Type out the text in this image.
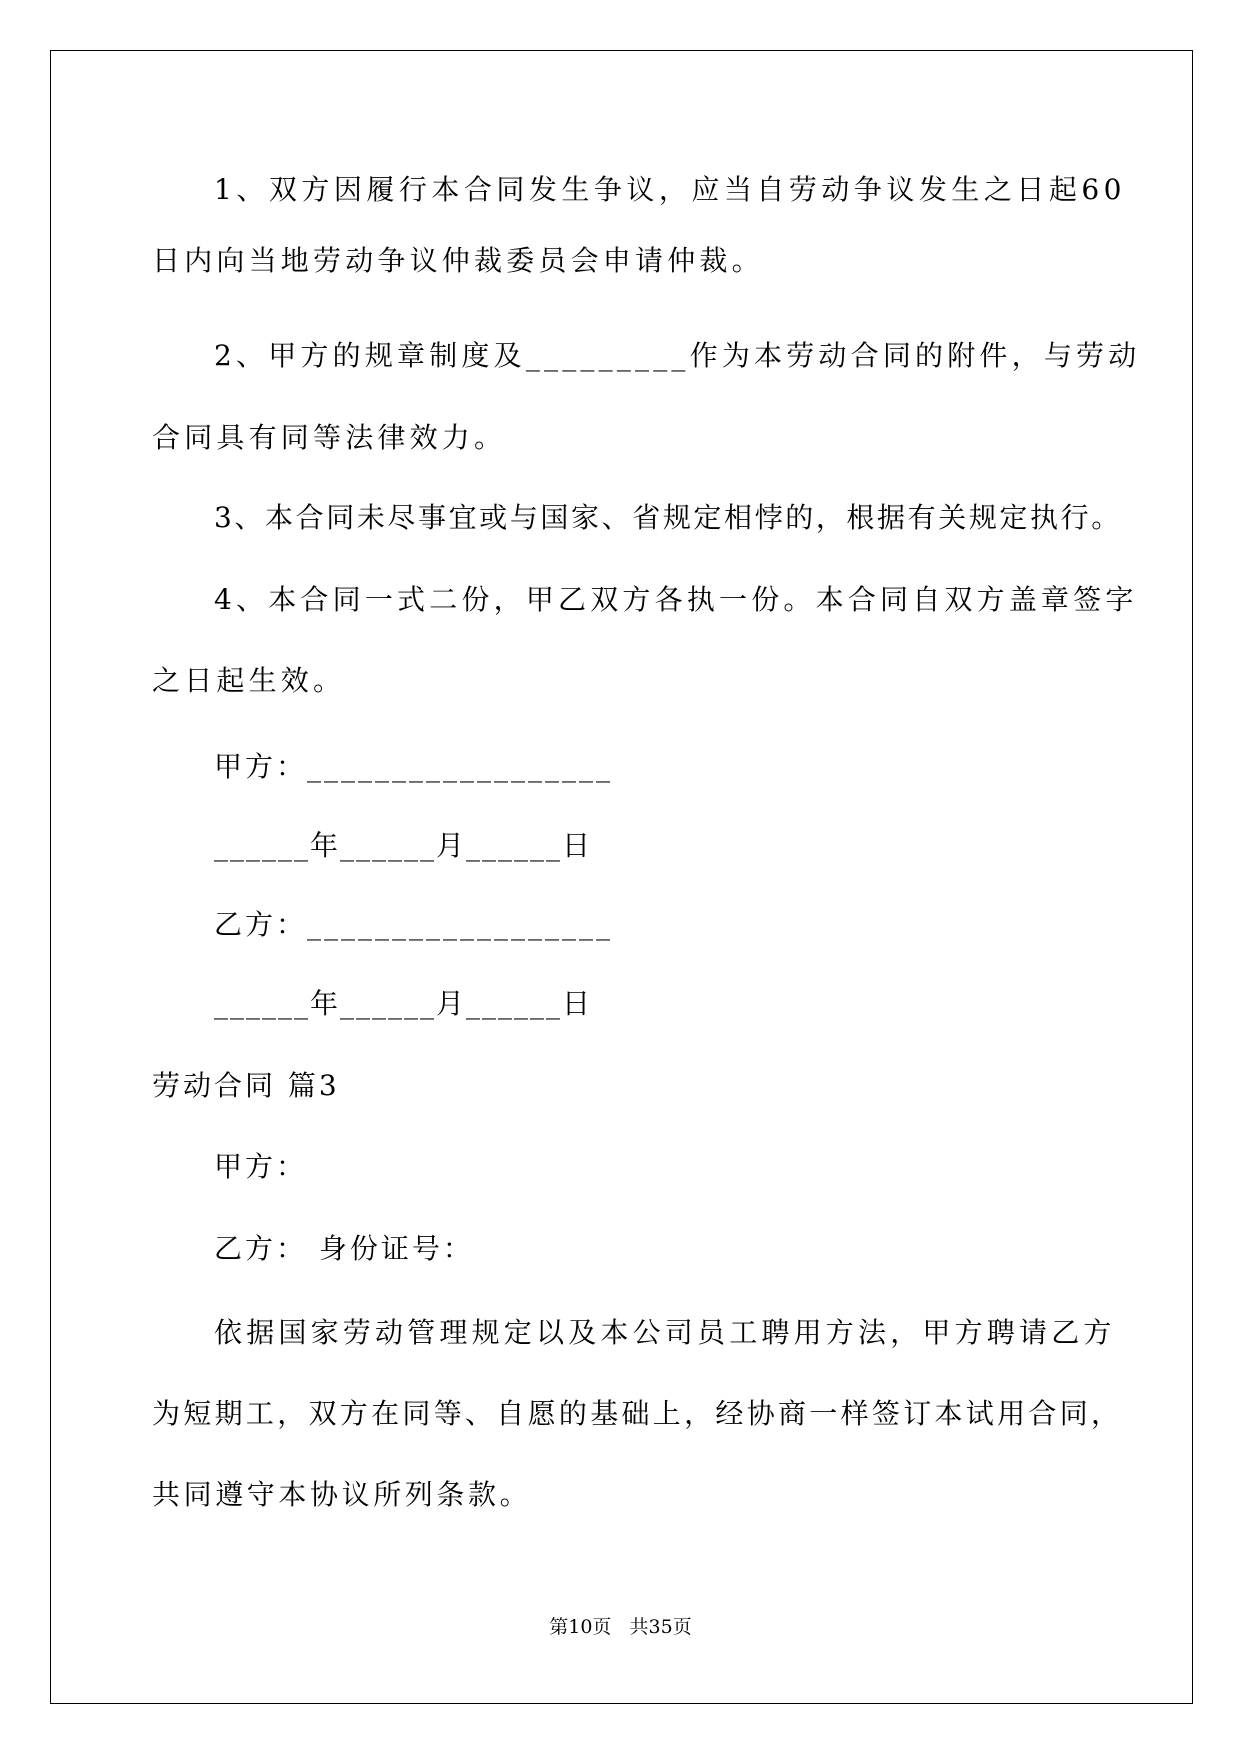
1、双方因履行本合同发生争议，应当自劳动争议发生之日起60
日内向当地劳动争议仲裁委员会申请仲裁。
2、甲方的规章制度及_________作为本劳动合同的附件，与劳动
合同具有同等法律效力。
3、本合同未尽事宜或与国家、省规定相悖的，根据有关规定执行。
4、本合同一式二份，甲乙双方各执一份。本合同自双方盖章签字
之日起生效。
甲方：__________________
______年______月______日
乙方：__________________
______年______月______日
劳动合同 篇3
甲方：
乙方： 身份证号：
依据国家劳动管理规定以及本公司员工聘用方法，甲方聘请乙方
为短期工，双方在同等、自愿的基础上，经协商一样签订本试用合同，
共同遵守本协议所列条款。
第10页   共35页
